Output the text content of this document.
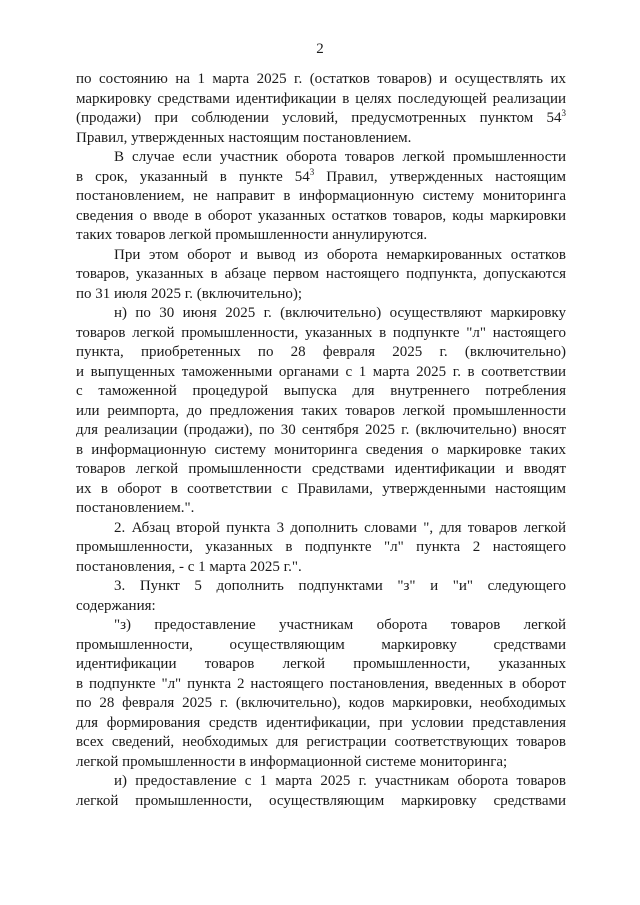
2
по состоянию на 1 марта 2025 г. (остатков товаров) и осуществлять их
маркировку средствами идентификации в целях последующей реализации
(продажи) при соблюдении условий, предусмотренных пунктом $54^3$
Правил, утвержденных настоящим постановлением.
В случае если участник оборота товаров легкой промышленности
в срок, указанный в пункте $54^3$ Правил, утвержденных настоящим
постановлением, не направит в информационную систему мониторинга
сведения о вводе в оборот указанных остатков товаров, коды маркировки
таких товаров легкой промышленности аннулируются.
При этом оборот и вывод из оборота немаркированных остатков
товаров, указанных в абзаце первом настоящего подпункта, допускаются
по 31 июля 2025 г. (включительно);
н) по 30 июня 2025 г. (включительно) осуществляют маркировку
товаров легкой промышленности, указанных в подпункте "л" настоящего
пункта, приобретенных по 28 февраля 2025 г. (включительно)
и выпущенных таможенными органами с 1 марта 2025 г. в соответствии
с таможенной процедурой выпуска для внутреннего потребления
или реимпорта, до предложения таких товаров легкой промышленности
для реализации (продажи), по 30 сентября 2025 г. (включительно) вносят
в информационную систему мониторинга сведения о маркировке таких
товаров легкой промышленности средствами идентификации и вводят
их в оборот в соответствии с Правилами, утвержденными настоящим
постановлением.".
2. Абзац второй пункта 3 дополнить словами ", для товаров легкой
промышленности, указанных в подпункте "л" пункта 2 настоящего
постановления, - с 1 марта 2025 г.".
3. Пункт 5 дополнить подпунктами "з" и "и" следующего
содержания:
"з) предоставление участникам оборота товаров легкой
промышленности, осуществляющим маркировку средствами
идентификации товаров легкой промышленности, указанных
в подпункте "л" пункта 2 настоящего постановления, введенных в оборот
по 28 февраля 2025 г. (включительно), кодов маркировки, необходимых
для формирования средств идентификации, при условии представления
всех сведений, необходимых для регистрации соответствующих товаров
легкой промышленности в информационной системе мониторинга;
и) предоставление с 1 марта 2025 г. участникам оборота товаров
легкой промышленности, осуществляющим маркировку средствами
